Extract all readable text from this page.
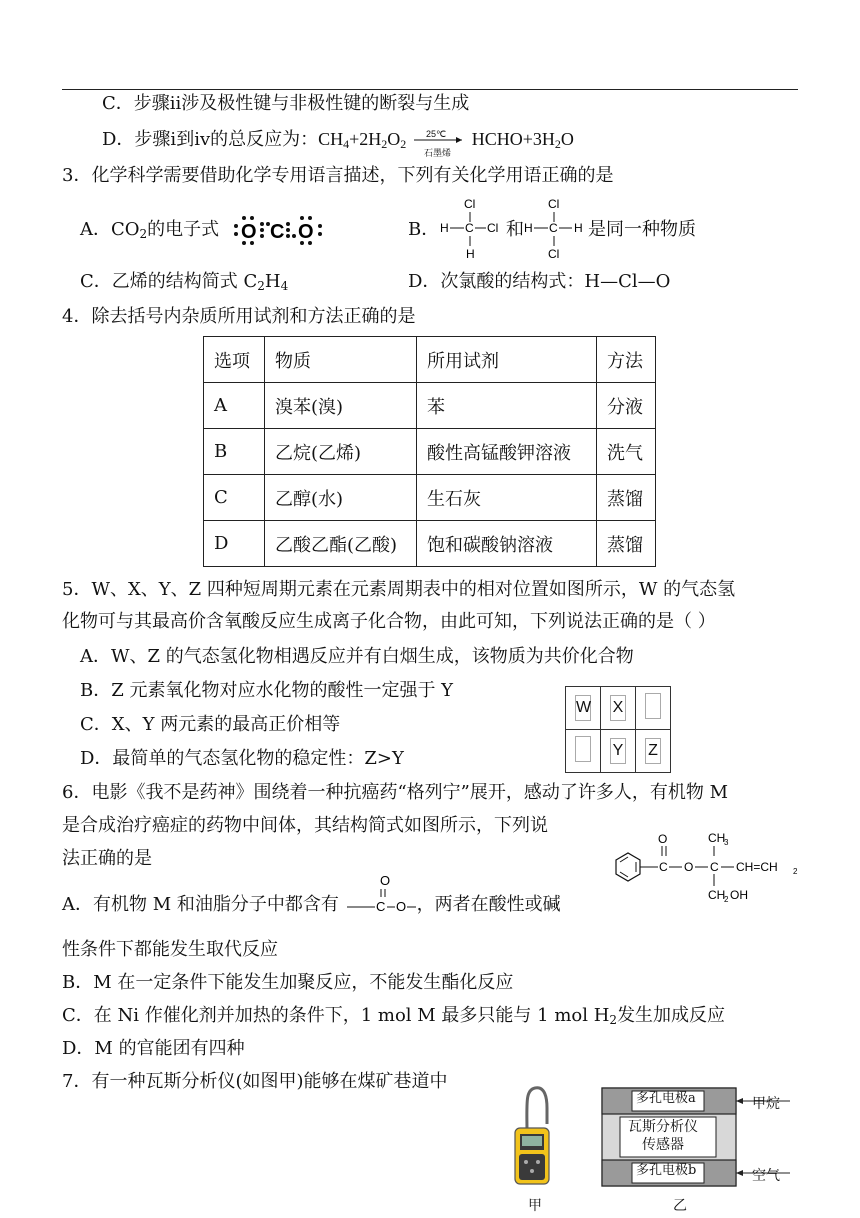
C．步骤ⅱ涉及极性键与非极性键的断裂与生成
D．步骤ⅰ到ⅳ的总反应为：$CH_4+2H_2O_2$
25℃
石墨烯
$HCHO+3H_2O$
3．化学科学需要借助化学专用语言描述，下列有关化学用语正确的是
A．$CO_2$的电子式 O C O	B．
Cl
H C Cl
H
和
Cl
H C H
Cl
是同一种物质
C．乙烯的结构简式 $C_2H_4$	D．次氯酸的结构式：H—Cl—O
4．除去括号内杂质所用试剂和方法正确的是
选项	物质	所用试剂	方法
A	溴苯(溴)	苯	分液
B	乙烷(乙烯)	酸性高锰酸钾溶液	洗气
C	乙醇(水)	生石灰	蒸馏
D	乙酸乙酯(乙酸)	饱和碳酸钠溶液	蒸馏
5．W、X、Y、Z 四种短周期元素在元素周期表中的相对位置如图所示，W 的气态氢
化物可与其最高价含氧酸反应生成离子化合物，由此可知，下列说法正确的是（ ）
A．W、Z 的气态氢化物相遇反应并有白烟生成，该物质为共价化合物
B．Z 元素氧化物对应水化物的酸性一定强于 Y
C．X、Y 两元素的最高正价相等
D．最简单的气态氢化物的稳定性：Z>Y
W	X	
	Y	Z
6．电影《我不是药神》围绕着一种抗癌药“格列宁”展开，感动了许多人，有机物 M
是合成治疗癌症的药物中间体，其结构简式如图所示，下列说
法正确的是	C
O
O C
CH
3
CH=CH 2
CH
2 OH
A．有机物 M 和油脂分子中都含有
O
C O ，两者在酸性或碱
性条件下都能发生取代反应
B．M 在一定条件下能发生加聚反应，不能发生酯化反应
C．在 Ni 作催化剂并加热的条件下，1 mol M 最多只能与 1 mol $H_2$发生加成反应
D．M 的官能团有四种
7．有一种瓦斯分析仪(如图甲)能够在煤矿巷道中
甲
多孔电极a
多孔电极b
瓦斯分析仪
传感器
甲烷
空气
乙
